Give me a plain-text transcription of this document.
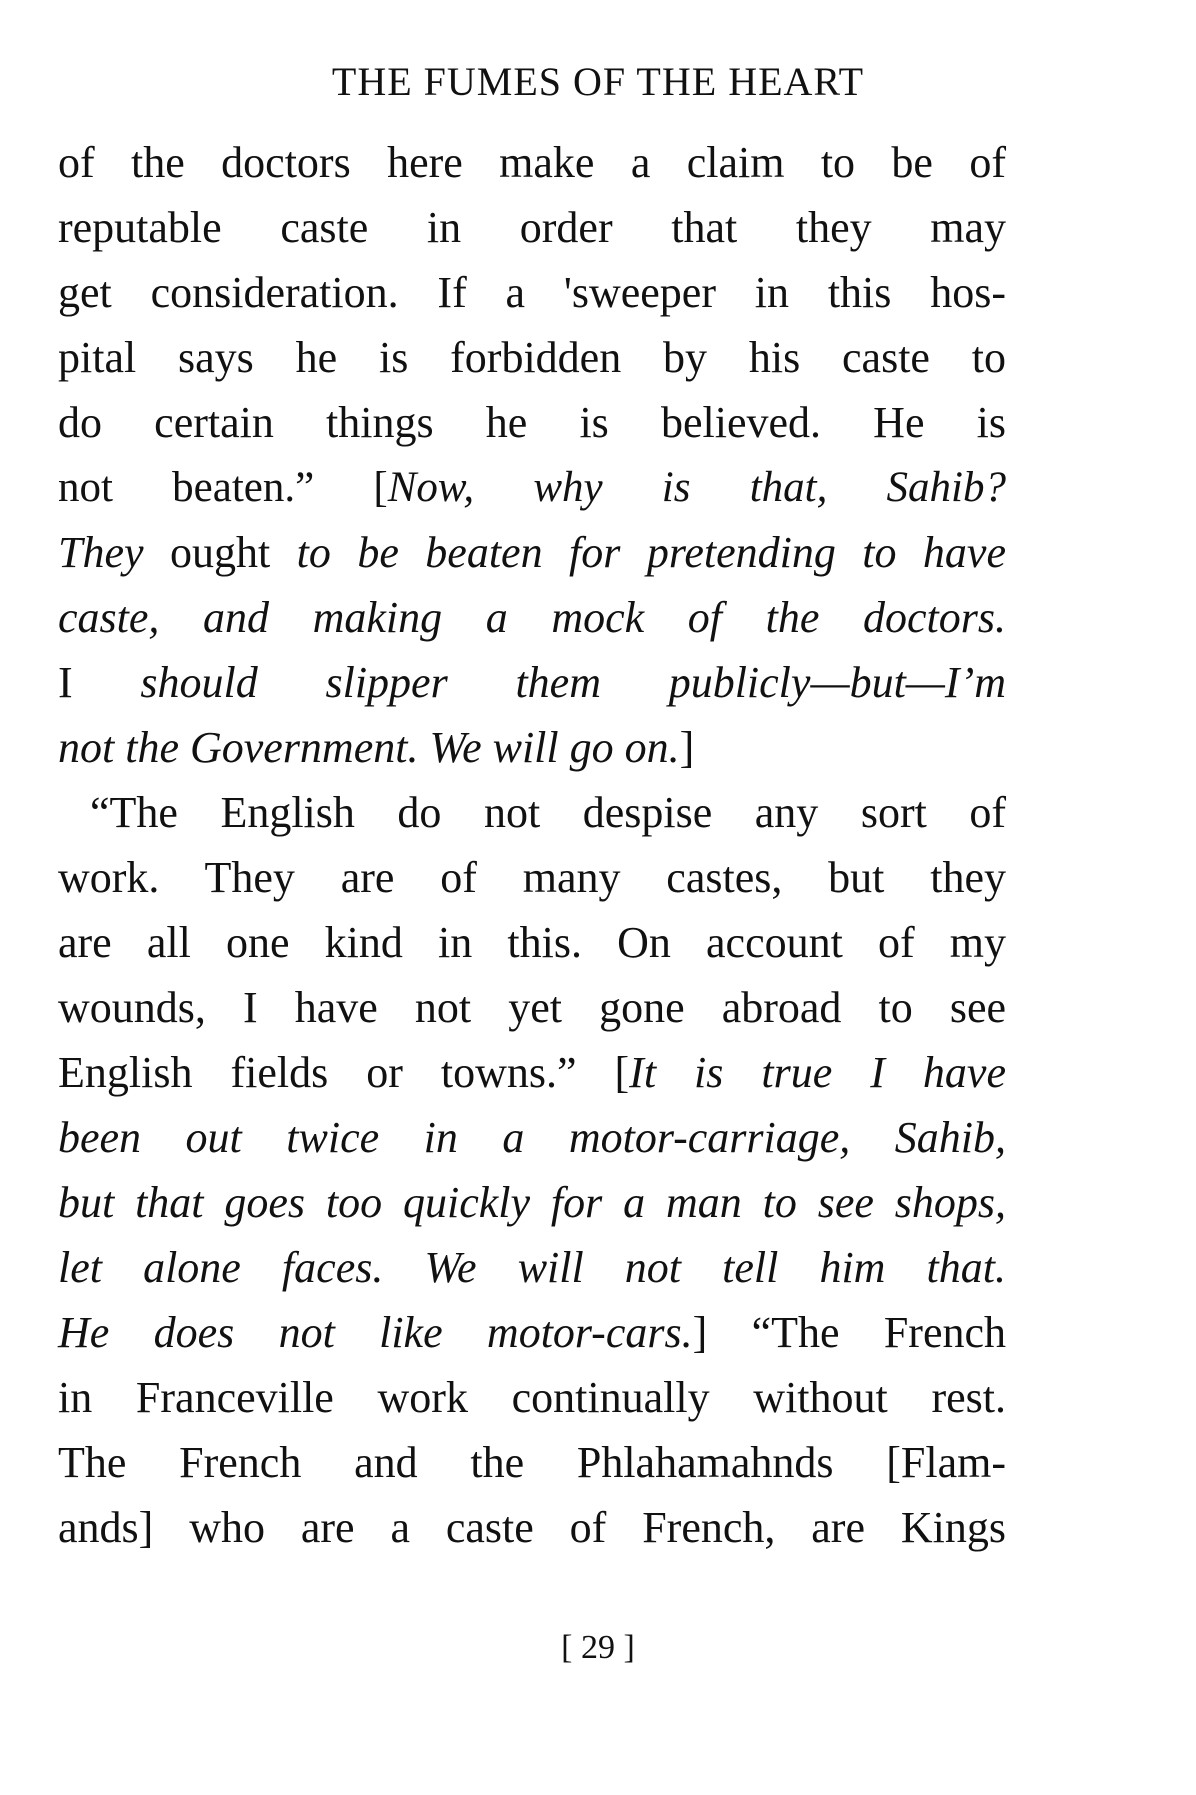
THE FUMES OF THE HEART
of the doctors here make a claim to be of
reputable caste in order that they may
get consideration. If a 'sweeper in this hos-
pital says he is forbidden by his caste to
do certain things he is believed. He is
not beaten.” [Now, why is that, Sahib?
They ought to be beaten for pretending to have
caste, and making a mock of the doctors.
I should slipper them publicly—but—I’m
not the Government. We will go on.]
“The English do not despise any sort of
work. They are of many castes, but they
are all one kind in this. On account of my
wounds, I have not yet gone abroad to see
English fields or towns.” [It is true I have
been out twice in a motor-carriage, Sahib,
but that goes too quickly for a man to see shops,
let alone faces. We will not tell him that.
He does not like motor-cars.] “The French
in Franceville work continually without rest.
The French and the Phlahamahnds [Flam-
ands] who are a caste of French, are Kings
[ 29 ]
